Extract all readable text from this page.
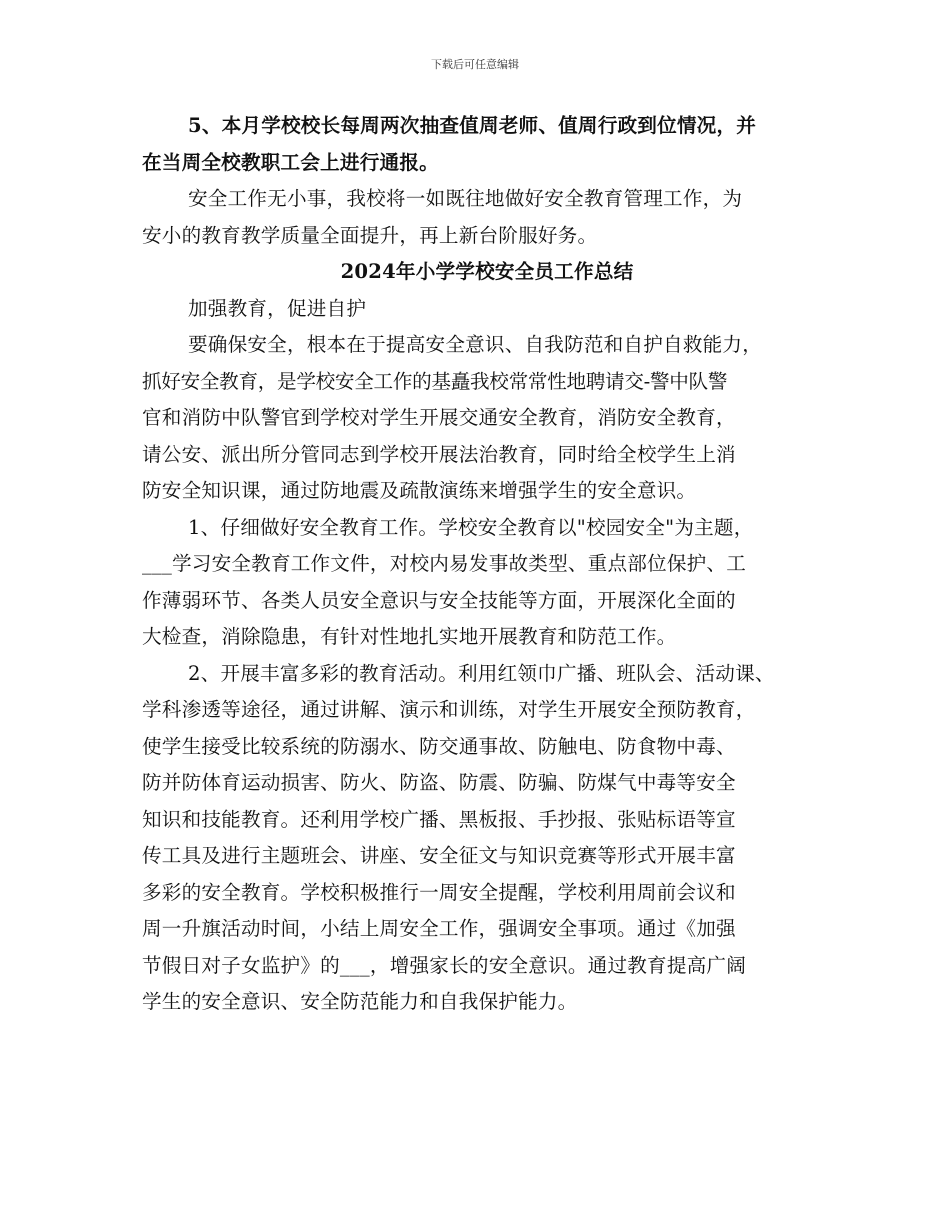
下载后可任意编辑
5、本月学校校长每周两次抽查值周老师、值周行政到位情况，并
在当周全校教职工会上进行通报。
安全工作无小事，我校将一如既往地做好安全教育管理工作，为
安小的教育教学质量全面提升，再上新台阶服好务。
2024年小学学校安全员工作总结
加强教育，促进自护
要确保安全，根本在于提高安全意识、自我防范和自护自救能力，
抓好安全教育，是学校安全工作的基矗我校常常性地聘请交-警中队警
官和消防中队警官到学校对学生开展交通安全教育，消防安全教育，
请公安、派出所分管同志到学校开展法治教育，同时给全校学生上消
防安全知识课，通过防地震及疏散演练来增强学生的安全意识。
1、仔细做好安全教育工作。学校安全教育以"校园安全"为主题，
___学习安全教育工作文件，对校内易发事故类型、重点部位保护、工
作薄弱环节、各类人员安全意识与安全技能等方面，开展深化全面的
大检查，消除隐患，有针对性地扎实地开展教育和防范工作。
2、开展丰富多彩的教育活动。利用红领巾广播、班队会、活动课、
学科渗透等途径，通过讲解、演示和训练，对学生开展安全预防教育，
使学生接受比较系统的防溺水、防交通事故、防触电、防食物中毒、
防并防体育运动损害、防火、防盗、防震、防骗、防煤气中毒等安全
知识和技能教育。还利用学校广播、黑板报、手抄报、张贴标语等宣
传工具及进行主题班会、讲座、安全征文与知识竞赛等形式开展丰富
多彩的安全教育。学校积极推行一周安全提醒，学校利用周前会议和
周一升旗活动时间，小结上周安全工作，强调安全事项。通过《加强
节假日对子女监护》的___，增强家长的安全意识。通过教育提高广阔
学生的安全意识、安全防范能力和自我保护能力。
